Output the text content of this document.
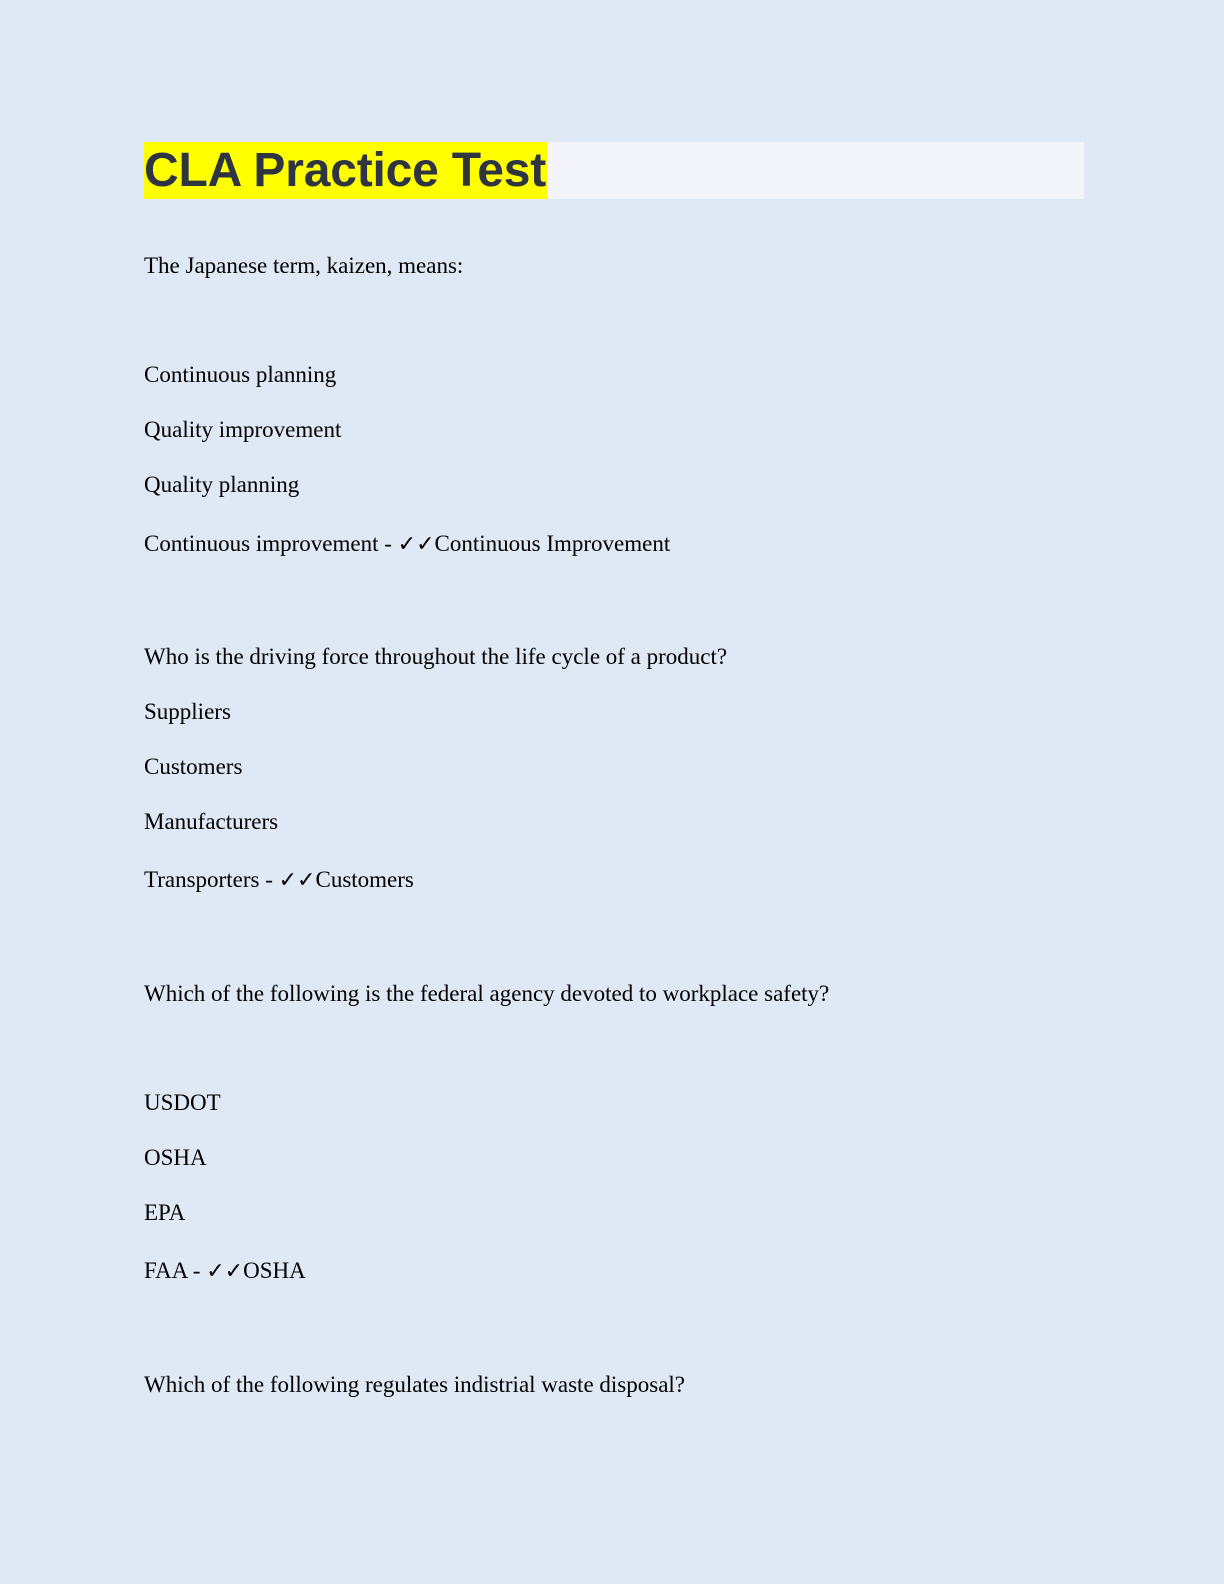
CLA Practice Test
The Japanese term, kaizen, means:
Continuous planning
Quality improvement
Quality planning
Continuous improvement - ✓✓Continuous Improvement
Who is the driving force throughout the life cycle of a product?
Suppliers
Customers
Manufacturers
Transporters - ✓✓Customers
Which of the following is the federal agency devoted to workplace safety?
USDOT
OSHA
EPA
FAA - ✓✓OSHA
Which of the following regulates indistrial waste disposal?
